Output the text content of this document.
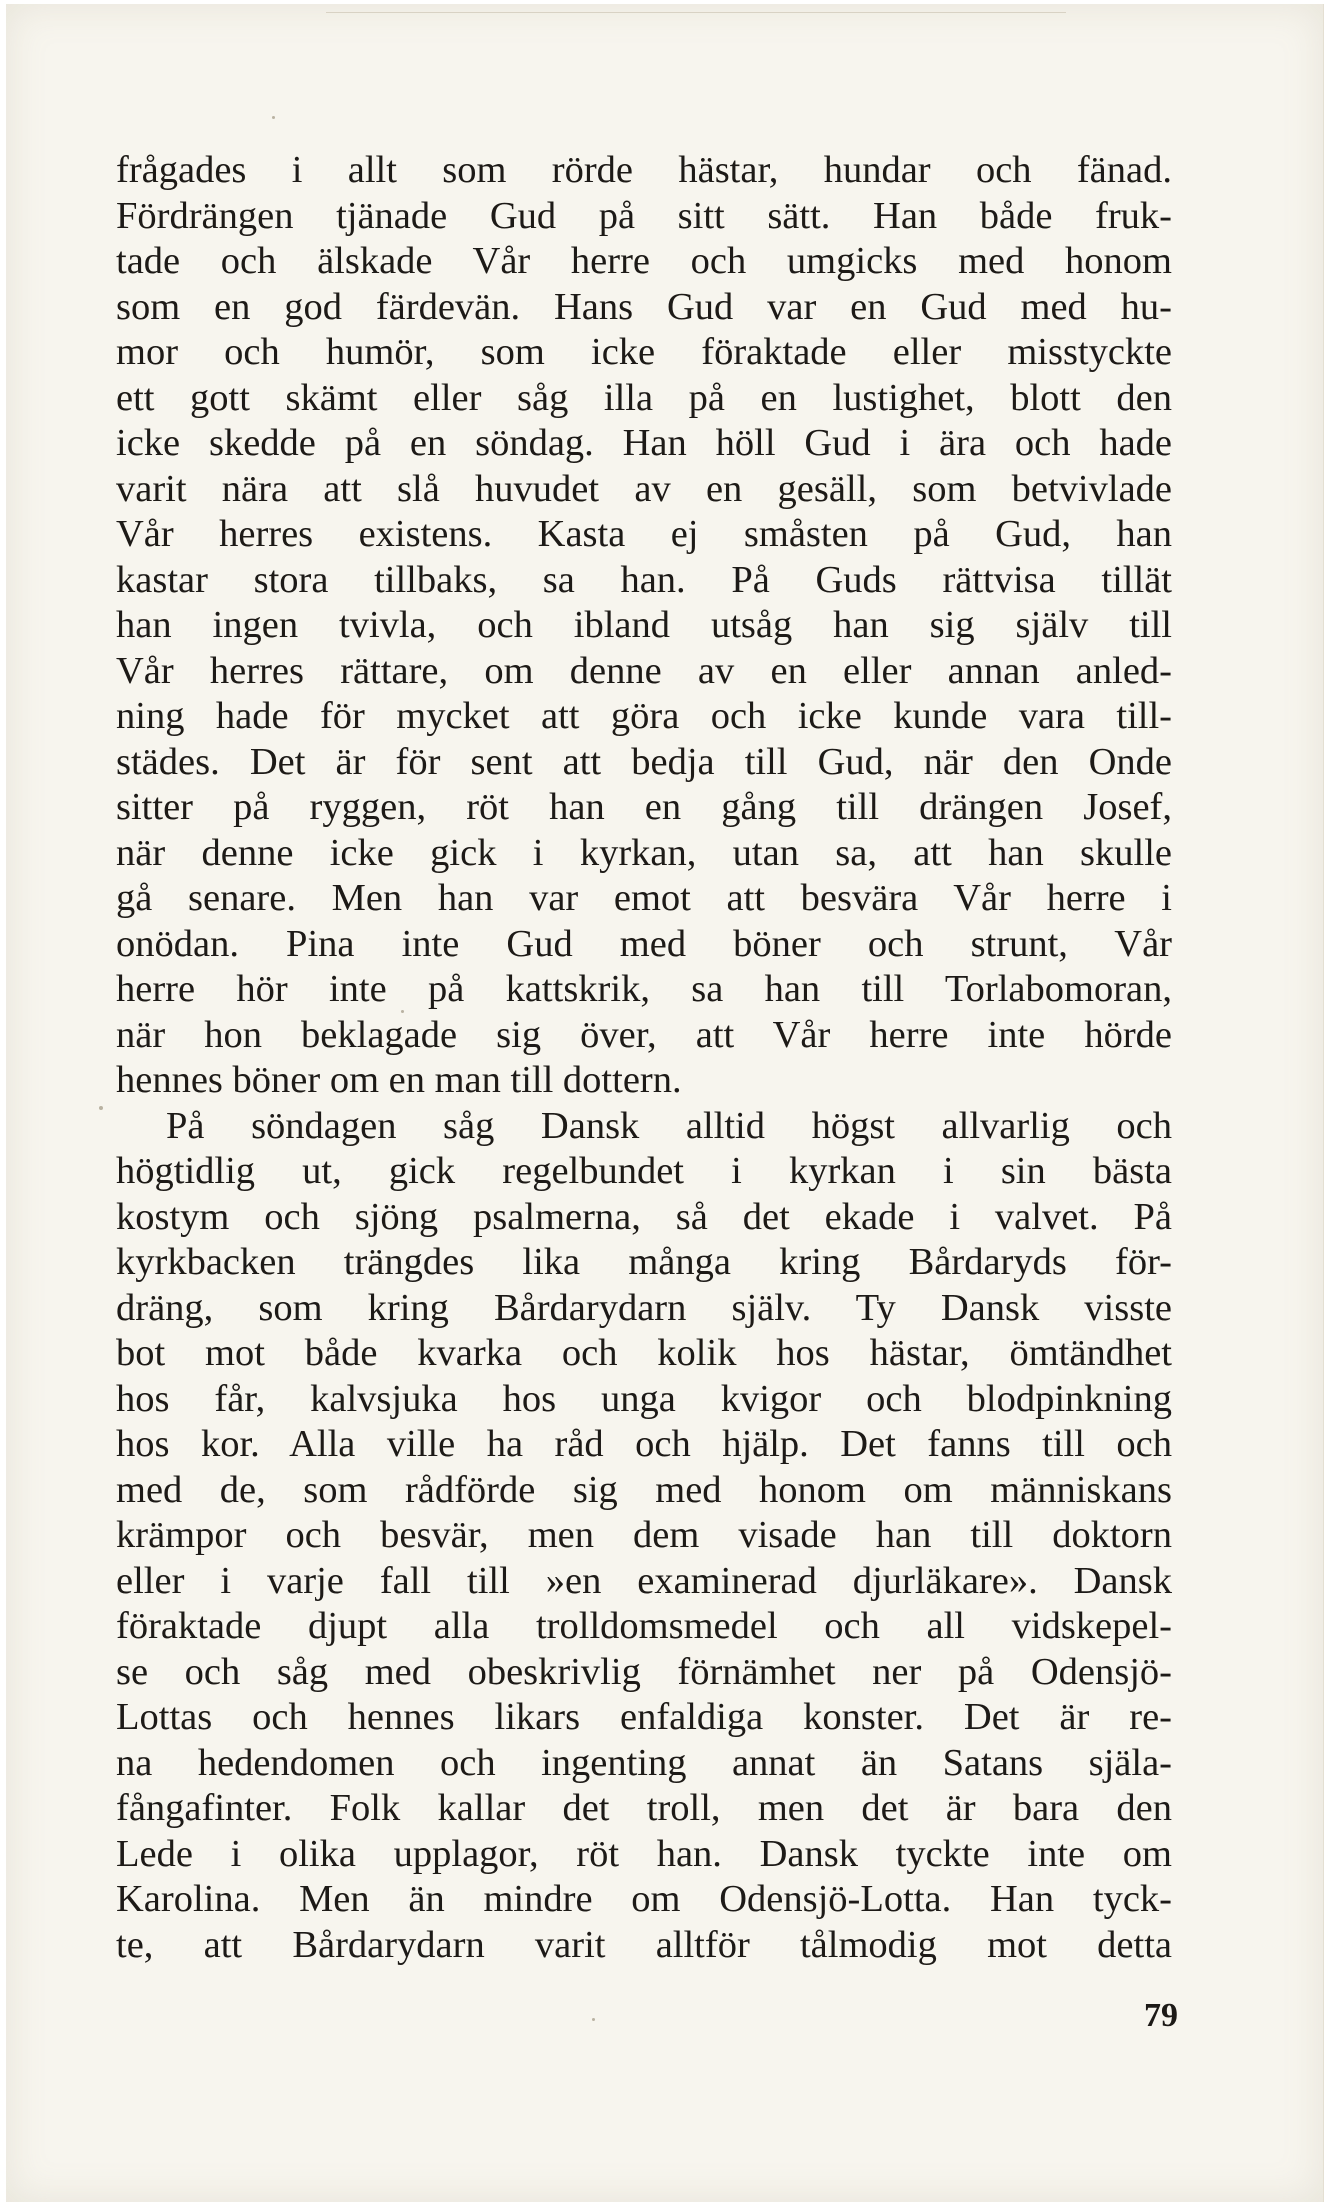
frågades i allt som rörde hästar, hundar och fänad.
Fördrängen tjänade Gud på sitt sätt. Han både fruk-
tade och älskade Vår herre och umgicks med honom
som en god färdevän. Hans Gud var en Gud med hu-
mor och humör, som icke föraktade eller misstyckte
ett gott skämt eller såg illa på en lustighet, blott den
icke skedde på en söndag. Han höll Gud i ära och hade
varit nära att slå huvudet av en gesäll, som betvivlade
Vår herres existens. Kasta ej småsten på Gud, han
kastar stora tillbaks, sa han. På Guds rättvisa tillät
han ingen tvivla, och ibland utsåg han sig själv till
Vår herres rättare, om denne av en eller annan anled-
ning hade för mycket att göra och icke kunde vara till-
städes. Det är för sent att bedja till Gud, när den Onde
sitter på ryggen, röt han en gång till drängen Josef,
när denne icke gick i kyrkan, utan sa, att han skulle
gå senare. Men han var emot att besvära Vår herre i
onödan. Pina inte Gud med böner och strunt, Vår
herre hör inte på kattskrik, sa han till Torlabomoran,
när hon beklagade sig över, att Vår herre inte hörde
hennes böner om en man till dottern.
På söndagen såg Dansk alltid högst allvarlig och
högtidlig ut, gick regelbundet i kyrkan i sin bästa
kostym och sjöng psalmerna, så det ekade i valvet. På
kyrkbacken trängdes lika många kring Bårdaryds för-
dräng, som kring Bårdarydarn själv. Ty Dansk visste
bot mot både kvarka och kolik hos hästar, ömtändhet
hos får, kalvsjuka hos unga kvigor och blodpinkning
hos kor. Alla ville ha råd och hjälp. Det fanns till och
med de, som rådförde sig med honom om människans
krämpor och besvär, men dem visade han till doktorn
eller i varje fall till »en examinerad djurläkare». Dansk
föraktade djupt alla trolldomsmedel och all vidskepel-
se och såg med obeskrivlig förnämhet ner på Odensjö-
Lottas och hennes likars enfaldiga konster. Det är re-
na hedendomen och ingenting annat än Satans själa-
fångafinter. Folk kallar det troll, men det är bara den
Lede i olika upplagor, röt han. Dansk tyckte inte om
Karolina. Men än mindre om Odensjö-Lotta. Han tyck-
te, att Bårdarydarn varit alltför tålmodig mot detta
79
